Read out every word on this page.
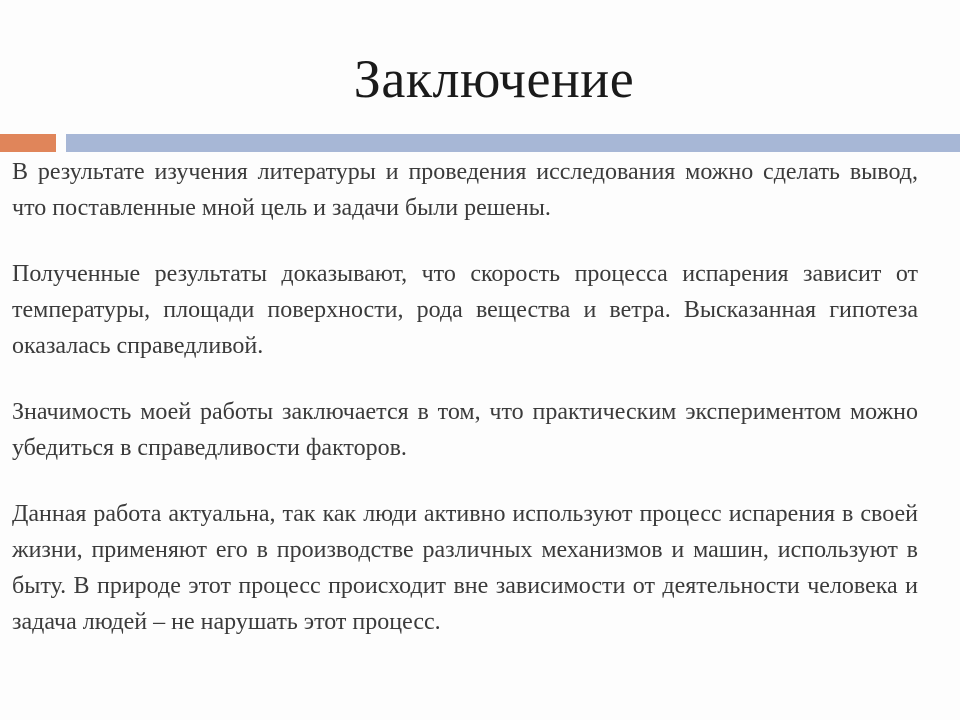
Заключение

В результате изучения литературы и проведения исследования можно сделать вывод, что поставленные мной цель и задачи были решены.

Полученные результаты доказывают, что скорость процесса испарения зависит от температуры, площади поверхности, рода вещества и ветра. Высказанная гипотеза оказалась справедливой.

Значимость моей работы заключается в том, что практическим экспериментом можно убедиться в справедливости факторов.

Данная работа актуальна, так как люди активно используют процесс испарения в своей жизни, применяют его в производстве различных механизмов и машин, используют в быту. В природе этот процесс происходит вне зависимости от деятельности человека и задача людей – не нарушать этот процесс.
